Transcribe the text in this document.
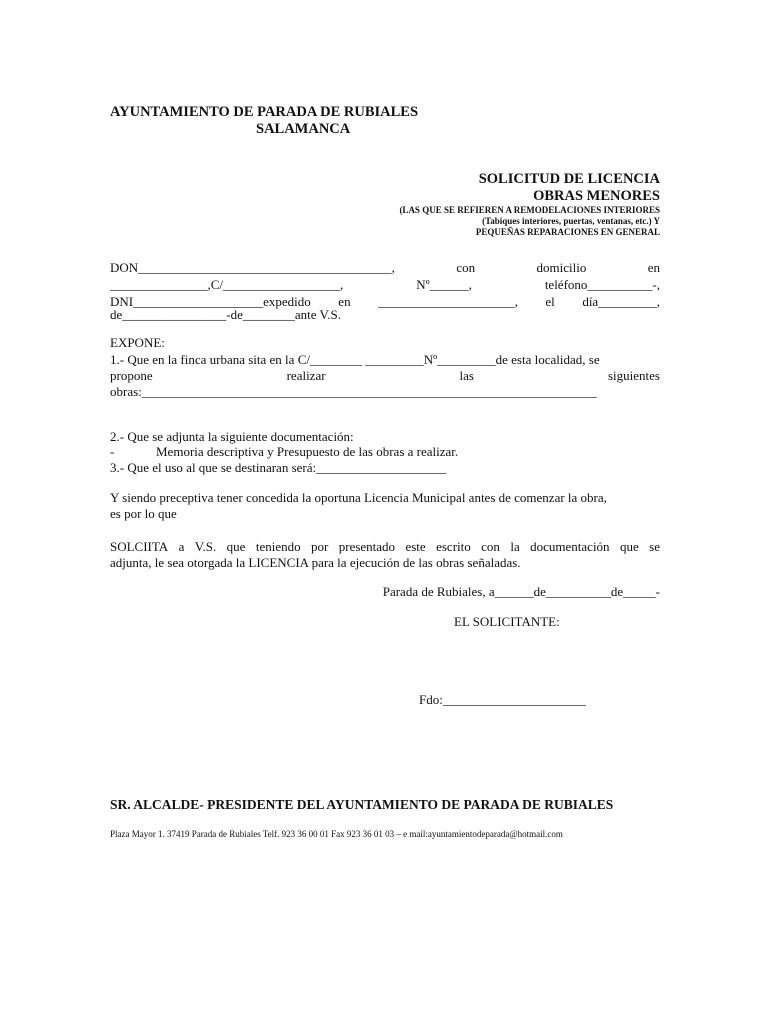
AYUNTAMIENTO DE PARADA DE RUBIALES
SALAMANCA
SOLICITUD DE LICENCIA
OBRAS MENORES
(LAS QUE SE REFIEREN A REMODELACIONES INTERIORES
(Tabiques interiores, puertas, ventanas, etc.) Y
PEQUEÑAS REPARACIONES EN GENERAL
DON_______________________________________,	con	domicilio	en
_______________,C/__________________,	Nº______,	teléfono__________-,
DNI____________________expedido en _____________________, el día_________,
de________________-de________ante V.S.
EXPONE:
1.- Que en la finca urbana sita en la C/________ _________Nº_________de esta localidad, se
propone	realizar	las	siguientes
obras:______________________________________________________________________
2.- Que se adjunta la siguiente documentación:
-	Memoria descriptiva y Presupuesto de las obras a realizar.
3.- Que el uso al que se destinaran será:____________________
Y siendo preceptiva tener concedida la oportuna Licencia Municipal antes de comenzar la obra,
es por lo que
SOLCIITA a V.S. que teniendo por presentado este escrito con la documentación que se
adjunta, le sea otorgada la LICENCIA para la ejecución de las obras señaladas.
Parada de Rubiales, a______de__________de_____-
EL SOLICITANTE:
Fdo:______________________
SR. ALCALDE- PRESIDENTE DEL AYUNTAMIENTO DE PARADA DE RUBIALES
Plaza Mayor 1. 37419 Parada de Rubiales Telf. 923 36 00 01 Fax 923 36 01 03 – e mail:ayuntamientodeparada@hotmail.com
